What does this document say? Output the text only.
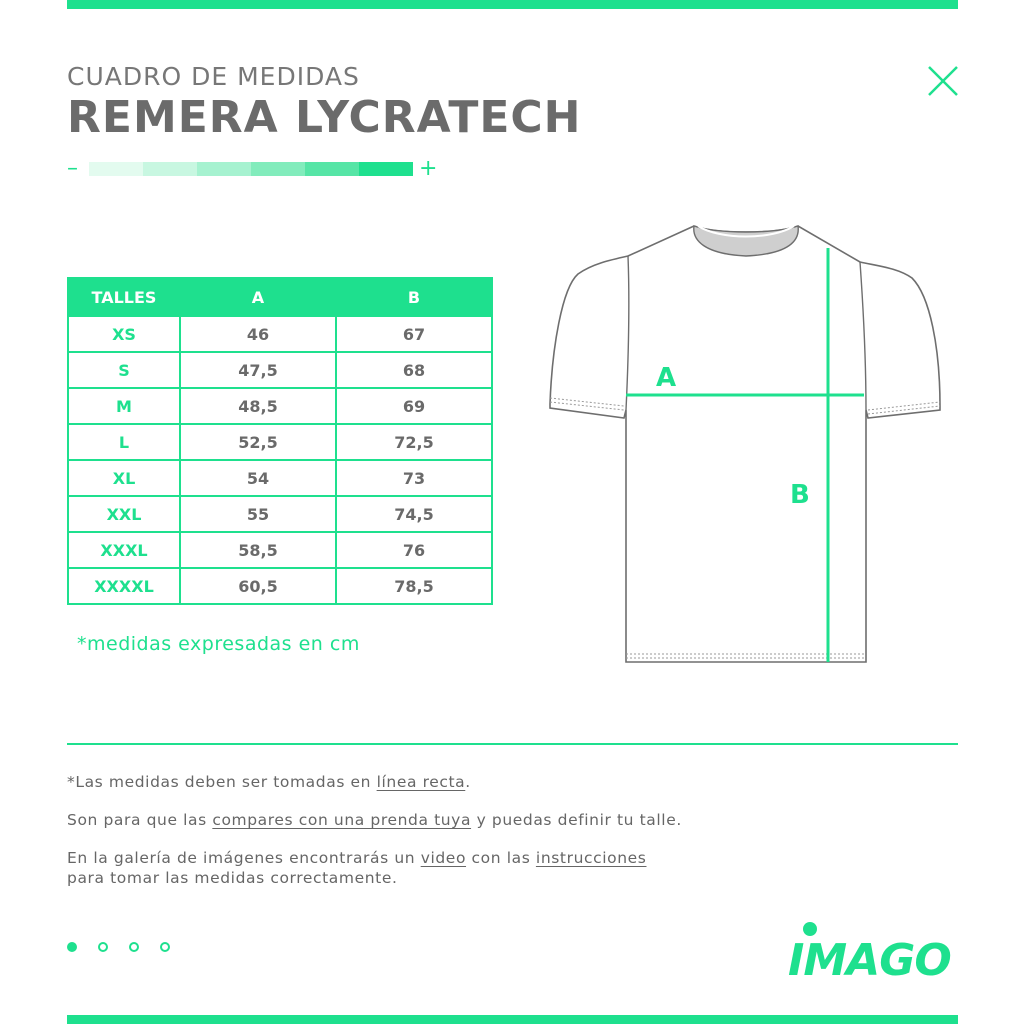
CUADRO DE MEDIDAS
REMERA LYCRATECH
–	+
TALLES	A	B
XS	46	67
S	47,5	68
M	48,5	69
L	52,5	72,5
XL	54	73
XXL	55	74,5
XXXL	58,5	76
XXXXL	60,5	78,5
*medidas expresadas en cm
A
B
*Las medidas deben ser tomadas en línea recta.
Son para que las compares con una prenda tuya y puedas definir tu talle.
En la galería de imágenes encontrarás un video con las instrucciones
para tomar las medidas correctamente.
IMAGO
